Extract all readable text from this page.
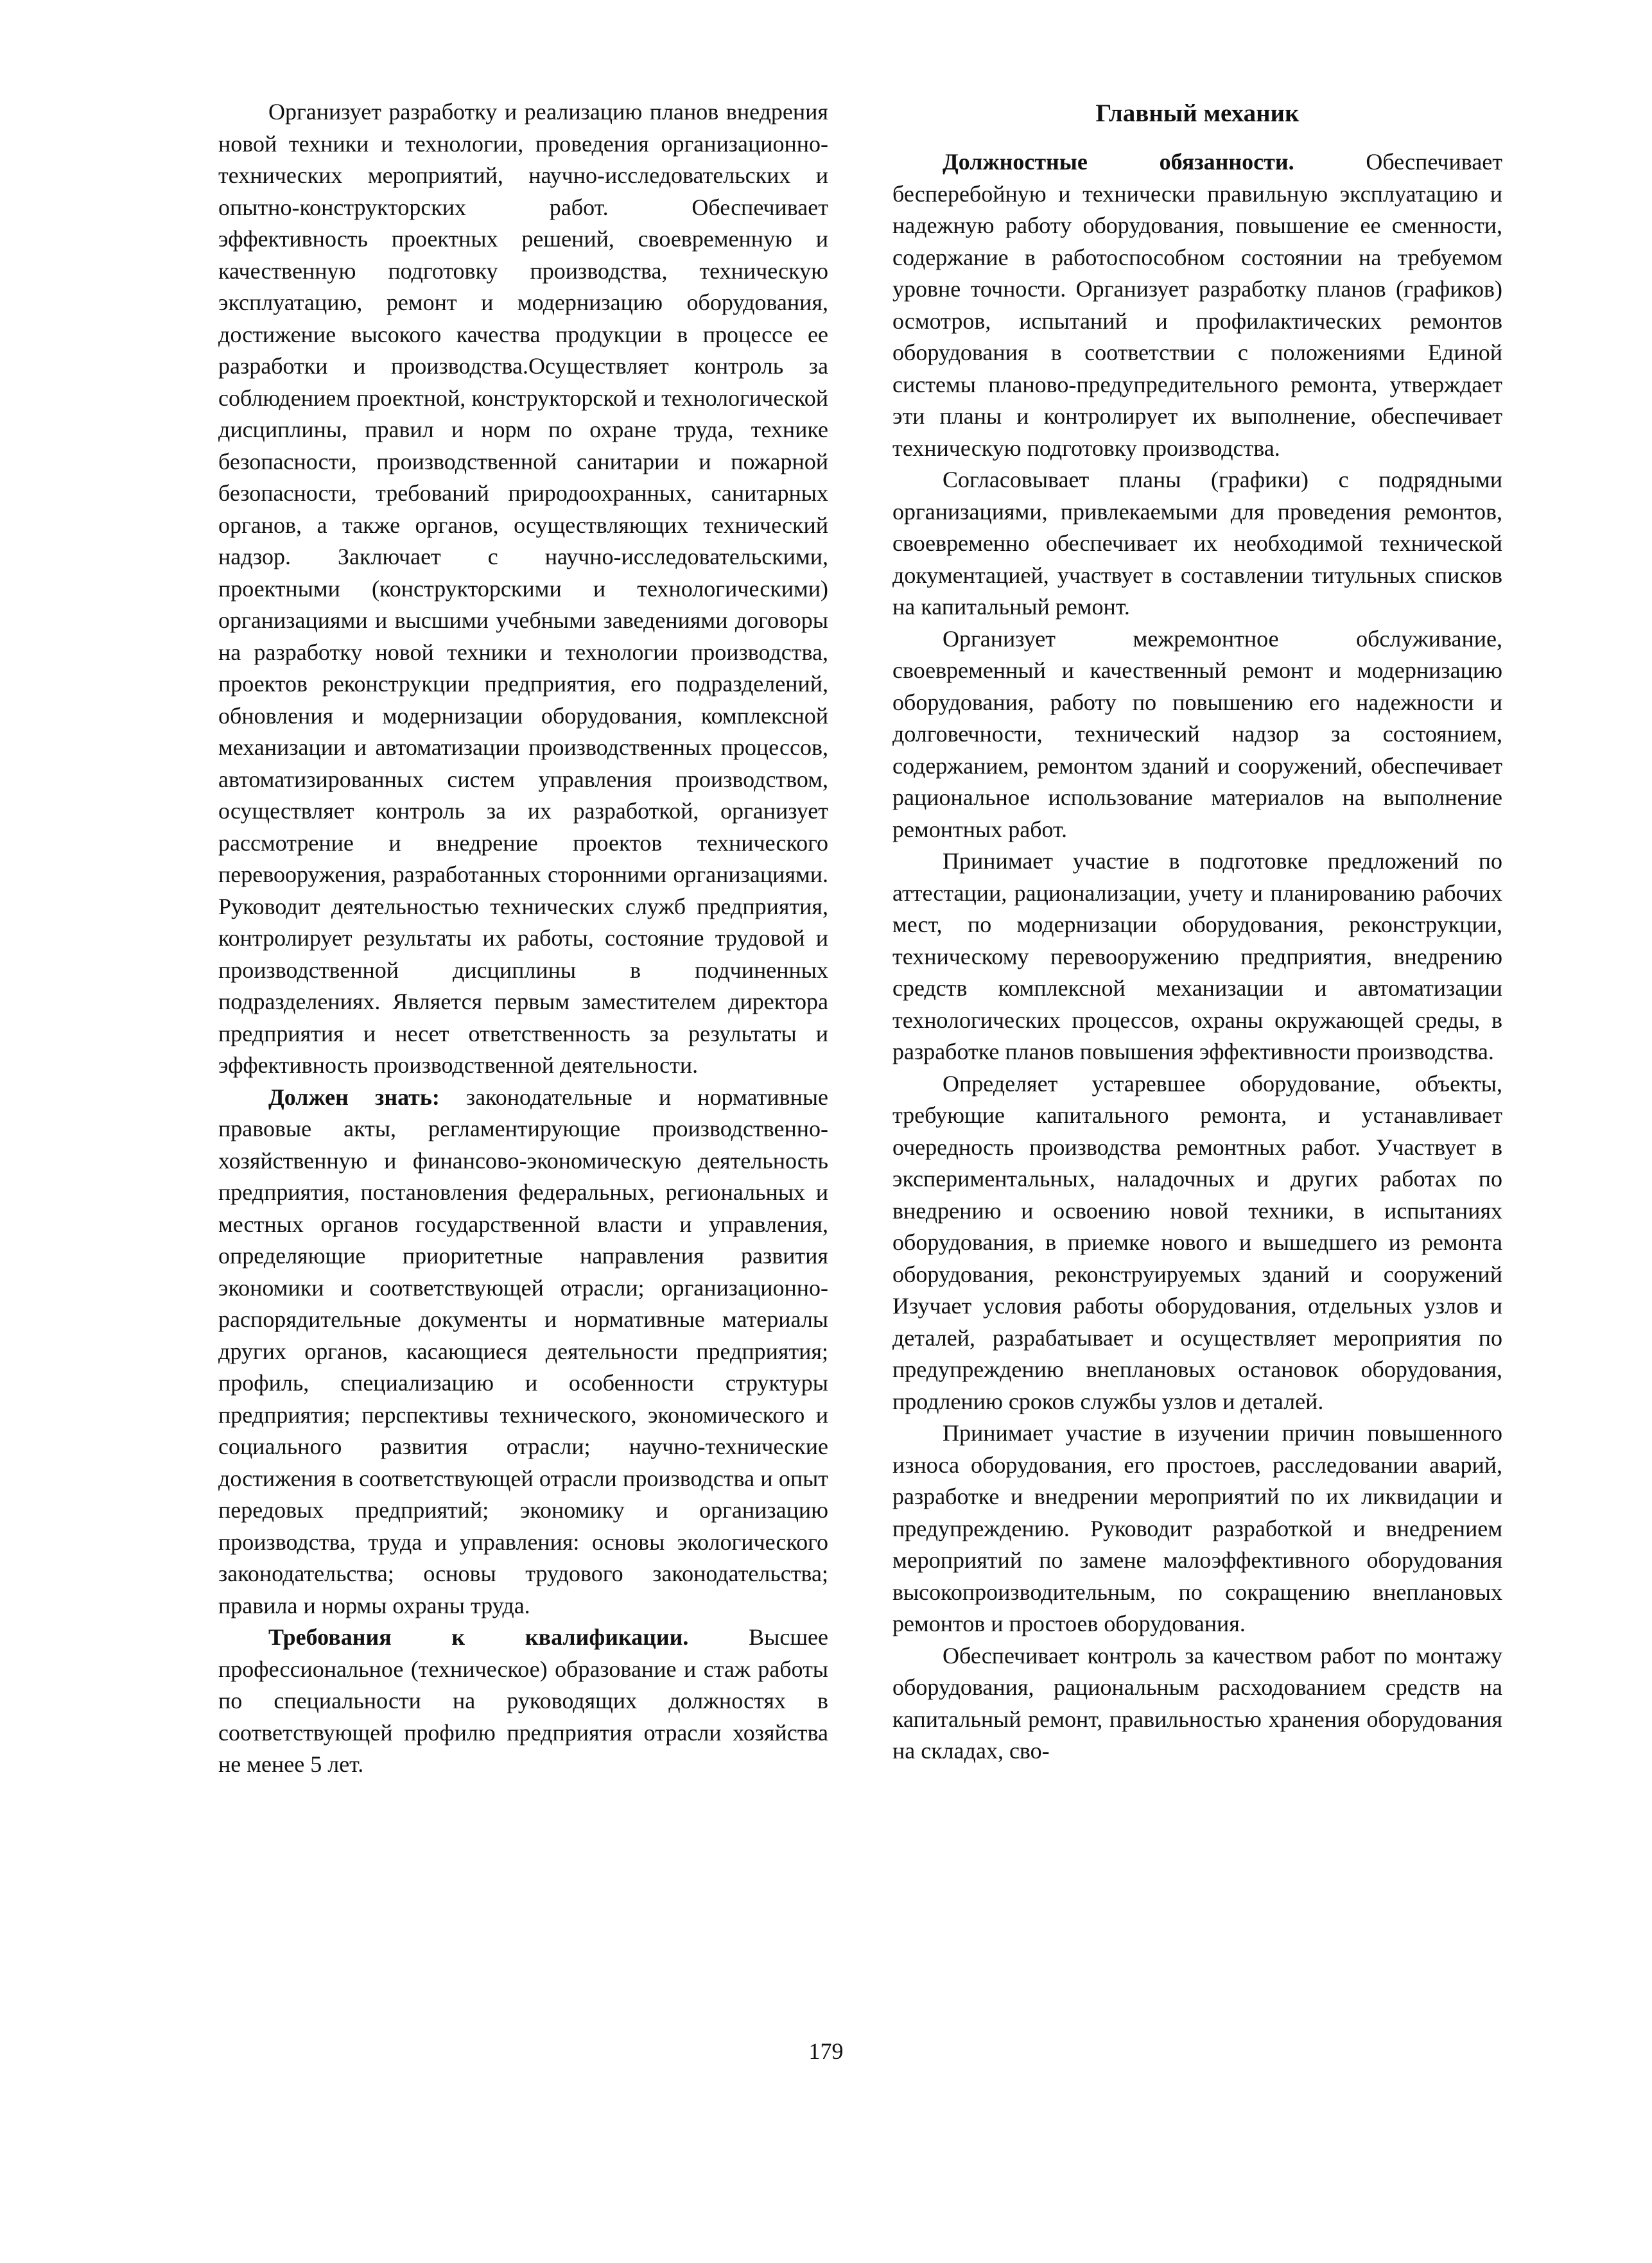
Организует разработку и реализацию планов внедрения новой техники и технологии, проведения организационно-технических мероприятий, научно-исследовательских и опытно-конструкторских работ. Обеспечивает эффективность проектных решений, своевременную и качественную подготовку производства, техническую эксплуатацию, ремонт и модернизацию оборудования, достижение высокого качества продукции в процессе ее разработки и производства.Осуществляет контроль за соблюдением проектной, конструкторской и технологической дисциплины, правил и норм по охране труда, технике безопасности, производственной санитарии и пожарной безопасности, требований природоохранных, санитарных органов, а также органов, осуществляющих технический надзор. Заключает с научно-исследовательскими, проектными (конструкторскими и технологическими) организациями и высшими учебными заведениями договоры на разработку новой техники и технологии производства, проектов реконструкции предприятия, его подразделений, обновления и модернизации оборудования, комплексной механизации и автоматизации производственных процессов, автоматизированных систем управления производством, осуществляет контроль за их разработкой, организует рассмотрение и внедрение проектов технического перевооружения, разработанных сторонними организациями. Руководит деятельностью технических служб предприятия, контролирует результаты их работы, состояние трудовой и производственной дисциплины в подчиненных подразделениях. Является первым заместителем директора предприятия и несет ответственность за результаты и эффективность производственной деятельности.

Должен знать: законодательные и нормативные правовые акты, регламентирующие производственно-хозяйственную и финансово-экономическую деятельность предприятия, постановления федеральных, региональных и местных органов государственной власти и управления, определяющие приоритетные направления развития экономики и соответствующей отрасли; организационно-распорядительные документы и нормативные материалы других органов, касающиеся деятельности предприятия; профиль, специализацию и особенности структуры предприятия; перспективы технического, экономического и социального развития отрасли; научно-технические достижения в соответствующей отрасли производства и опыт передовых предприятий; экономику и организацию производства, труда и управления: основы экологического законодательства; основы трудового законодательства; правила и нормы охраны труда.

Требования к квалификации. Высшее профессиональное (техническое) образование и стаж работы по специальности на руководящих должностях в соответствующей профилю предприятия отрасли хозяйства не менее 5 лет.

Главный механик

Должностные обязанности. Обеспечивает бесперебойную и технически правильную эксплуатацию и надежную работу оборудования, повышение ее сменности, содержание в работоспособном состоянии на требуемом уровне точности. Организует разработку планов (графиков) осмотров, испытаний и профилактических ремонтов оборудования в соответствии с положениями Единой системы планово-предупредительного ремонта, утверждает эти планы и контролирует их выполнение, обеспечивает техническую подготовку производства.

Согласовывает планы (графики) с подрядными организациями, привлекаемыми для проведения ремонтов, своевременно обеспечивает их необходимой технической документацией, участвует в составлении титульных списков на капитальный ремонт.

Организует межремонтное обслуживание, своевременный и качественный ремонт и модернизацию оборудования, работу по повышению его надежности и долговечности, технический надзор за состоянием, содержанием, ремонтом зданий и сооружений, обеспечивает рациональное использование материалов на выполнение ремонтных работ.

Принимает участие в подготовке предложений по аттестации, рационализации, учету и планированию рабочих мест, по модернизации оборудования, реконструкции, техническому перевооружению предприятия, внедрению средств комплексной механизации и автоматизации технологических процессов, охраны окружающей среды, в разработке планов повышения эффективности производства.

Определяет устаревшее оборудование, объекты, требующие капитального ремонта, и устанавливает очередность производства ремонтных работ. Участвует в экспериментальных, наладочных и других работах по внедрению и освоению новой техники, в испытаниях оборудования, в приемке нового и вышедшего из ремонта оборудования, реконструируемых зданий и сооружений Изучает условия работы оборудования, отдельных узлов и деталей, разрабатывает и осуществляет мероприятия по предупреждению внеплановых остановок оборудования, продлению сроков службы узлов и деталей.

Принимает участие в изучении причин повышенного износа оборудования, его простоев, расследовании аварий, разработке и внедрении мероприятий по их ликвидации и предупреждению. Руководит разработкой и внедрением мероприятий по замене малоэффективного оборудования высокопроизводительным, по сокращению внеплановых ремонтов и простоев оборудования.

Обеспечивает контроль за качеством работ по монтажу оборудования, рациональным расходованием средств на капитальный ремонт, правильностью хранения оборудования на складах, сво-

179
